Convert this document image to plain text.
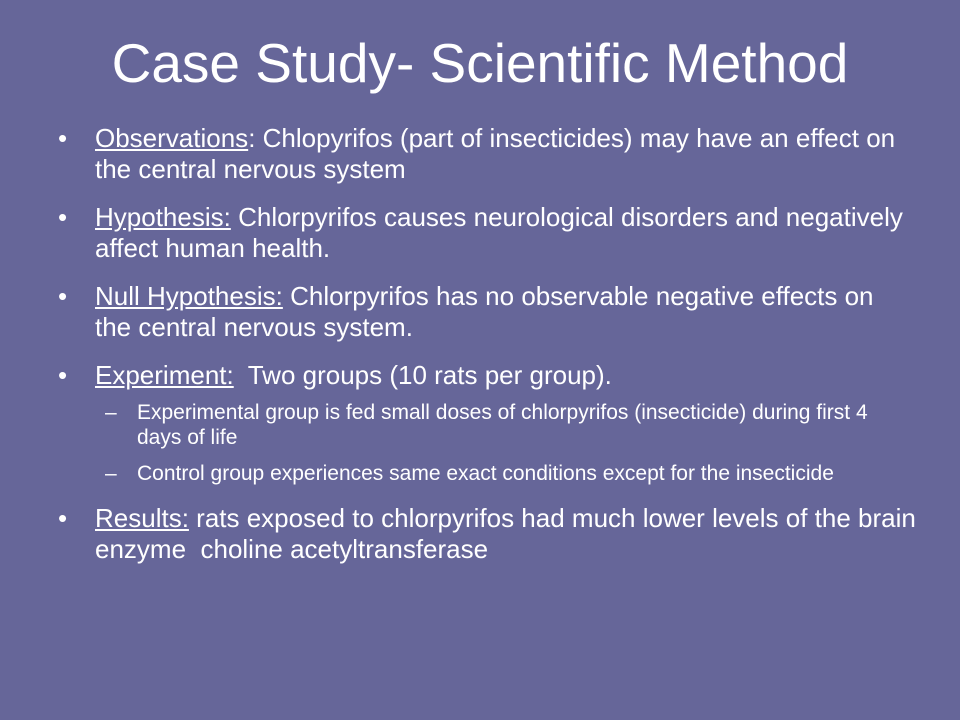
Case Study- Scientific Method
• Observations: Chlopyrifos (part of insecticides) may have an effect on the central nervous system
• Hypothesis: Chlorpyrifos causes neurological disorders and negatively affect human health.
• Null Hypothesis: Chlorpyrifos has no observable negative effects on the central nervous system.
• Experiment: Two groups (10 rats per group).
– Experimental group is fed small doses of chlorpyrifos (insecticide) during first 4 days of life
– Control group experiences same exact conditions except for the insecticide
• Results: rats exposed to chlorpyrifos had much lower levels of the brain enzyme  choline acetyltransferase
